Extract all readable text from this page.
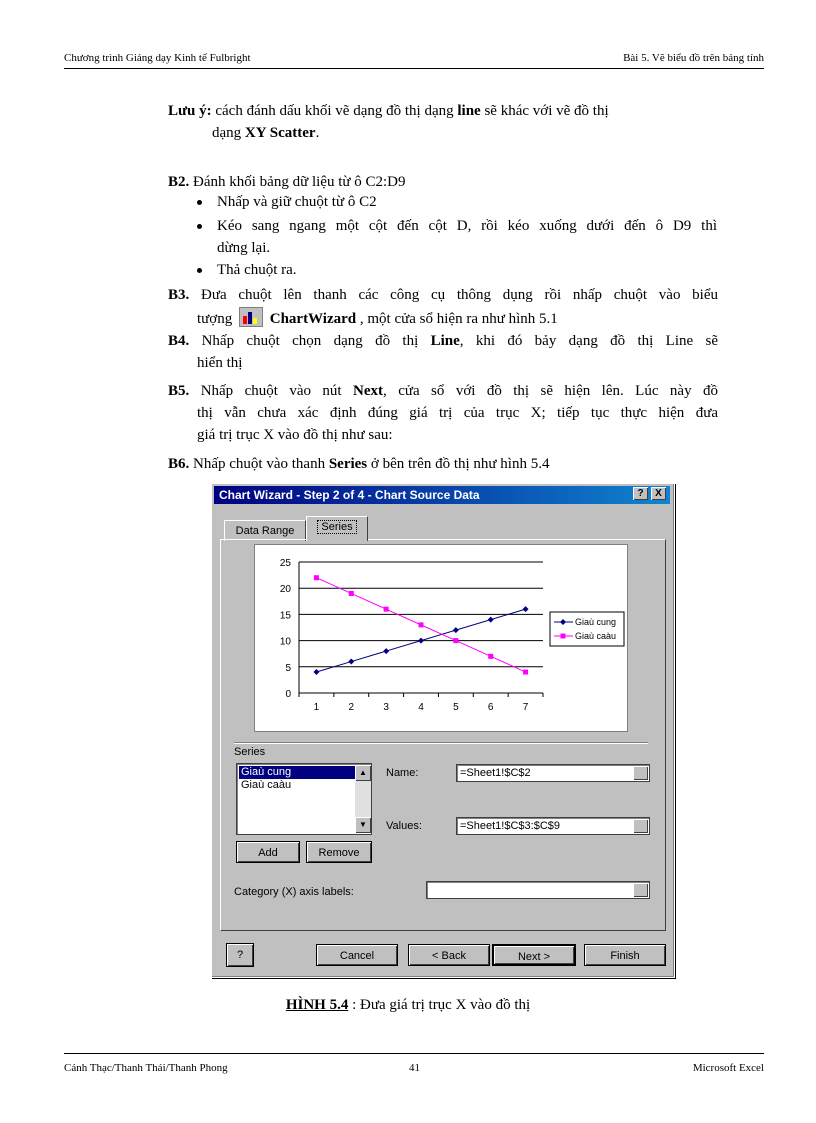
Chương trình Giảng dạy Kinh tế Fulbright	Bài 5. Vẽ biểu đồ trên bảng tính
Lưu ý: cách đánh dấu khối vẽ dạng đồ thị dạng line sẽ khác với vẽ đồ thị
dạng XY Scatter.
B2. Đánh khối bảng dữ liệu từ ô C2:D9
Nhấp và giữ chuột từ ô C2
Kéo sang ngang một cột đến cột D, rồi kéo xuống dưới đến ô D9 thì
dừng lại.
Thả chuột ra.
B3. Đưa chuột lên thanh các công cụ thông dụng rồi nhấp chuột vào biểu
tượng	ChartWizard , một cửa sổ hiện ra như hình 5.1
B4. Nhấp chuột chọn dạng đồ thị Line, khi đó bảy dạng đồ thị Line sẽ
hiển thị
B5. Nhấp chuột vào nút Next, cửa sổ với đồ thị sẽ hiện lên. Lúc này đồ
thị vẫn chưa xác định đúng giá trị của trục X; tiếp tục thực hiện đưa
giá trị trục X vào đồ thị như sau:
B6. Nhấp chuột vào thanh Series ở bên trên đồ thị như hình 5.4
Chart Wizard - Step 2 of 4 - Chart Source Data	?	X
Data Range	Series
0
5
10
15
20
25
1	2	3	4	5	6	7
Giaù cung
Giaù caàu
Series
Giaù cung
Giaù caàu
▲
▼
Name:	=Sheet1!$C$2
Values:	=Sheet1!$C$3:$C$9
Add	Remove
Category (X) axis labels:
?	Cancel	< Back	Next >	Finish
HÌNH 5.4 : Đưa giá trị trục X vào đồ thị
Cảnh Thạc/Thanh Thái/Thanh Phong	41	Microsoft Excel
